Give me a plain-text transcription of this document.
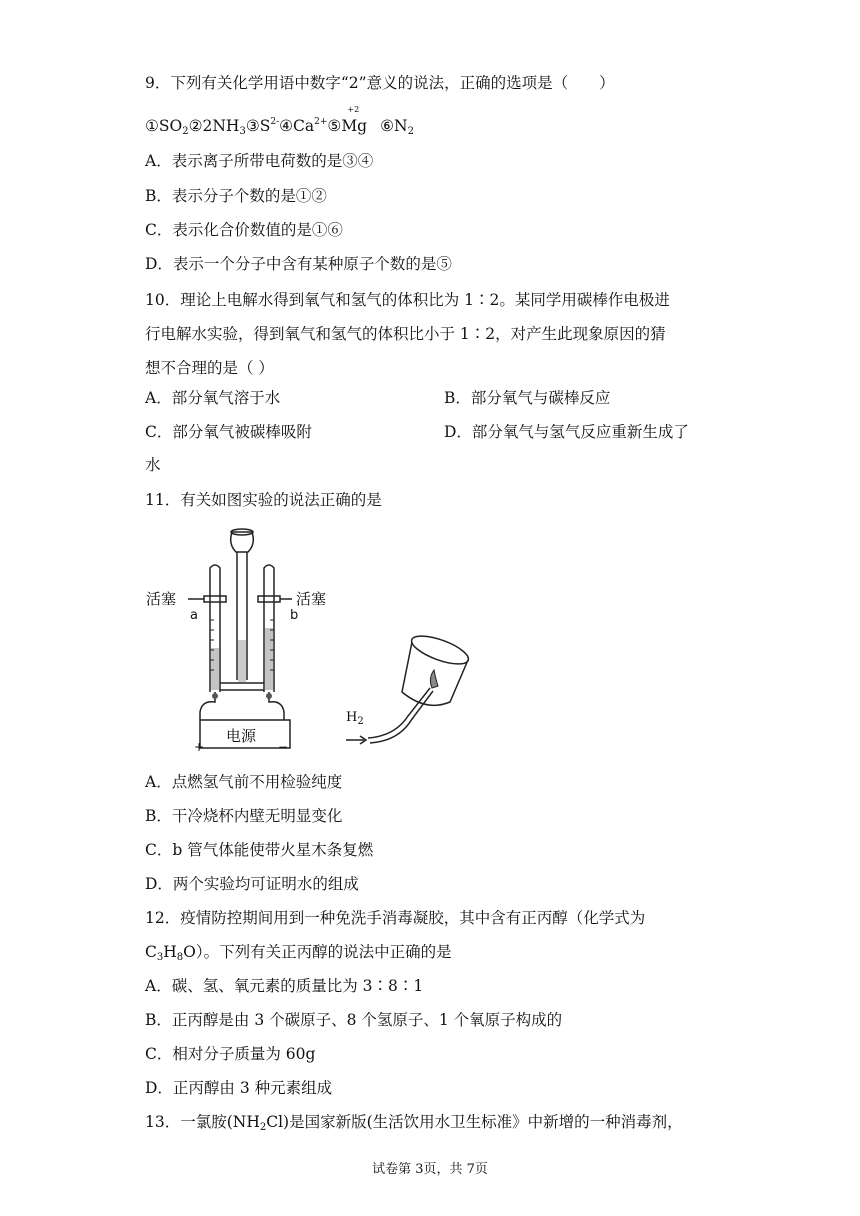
9．下列有关化学用语中数字“2”意义的说法，正确的选项是（　　）
$①SO_2②2NH_3③S^{2-}④Ca^{2+}⑤$
+2
Mg $⑥N_2$
A．表示离子所带电荷数的是③④
B．表示分子个数的是①②
C．表示化合价数值的是①⑥
D．表示一个分子中含有某种原子个数的是⑤
10．理论上电解水得到氧气和氢气的体积比为 1∶2。某同学用碳棒作电极进
行电解水实验，得到氧气和氢气的体积比小于 1∶2，对产生此现象原因的猜
想不合理的是（ ）
A．部分氧气溶于水	B．部分氧气与碳棒反应
C．部分氧气被碳棒吸附	D．部分氧气与氢气反应重新生成了
水
11．有关如图实验的说法正确的是
活塞	活塞
a	b
电源
+	−
$H_2$
A．点燃氢气前不用检验纯度
B．干冷烧杯内壁无明显变化
C．b 管气体能使带火星木条复燃
D．两个实验均可证明水的组成
12．疫情防控期间用到一种免洗手消毒凝胶，其中含有正丙醇（化学式为
$C_3H_8O$）。下列有关正丙醇的说法中正确的是
A．碳、氢、氧元素的质量比为 3∶8∶1
B．正丙醇是由 3 个碳原子、8 个氢原子、1 个氧原子构成的
C．相对分子质量为 60g
D．正丙醇由 3 种元素组成
13．一氯胺$(NH_2Cl)$是国家新版(生活饮用水卫生标准》中新增的一种消毒剂，
试卷第 3页，共 7页
